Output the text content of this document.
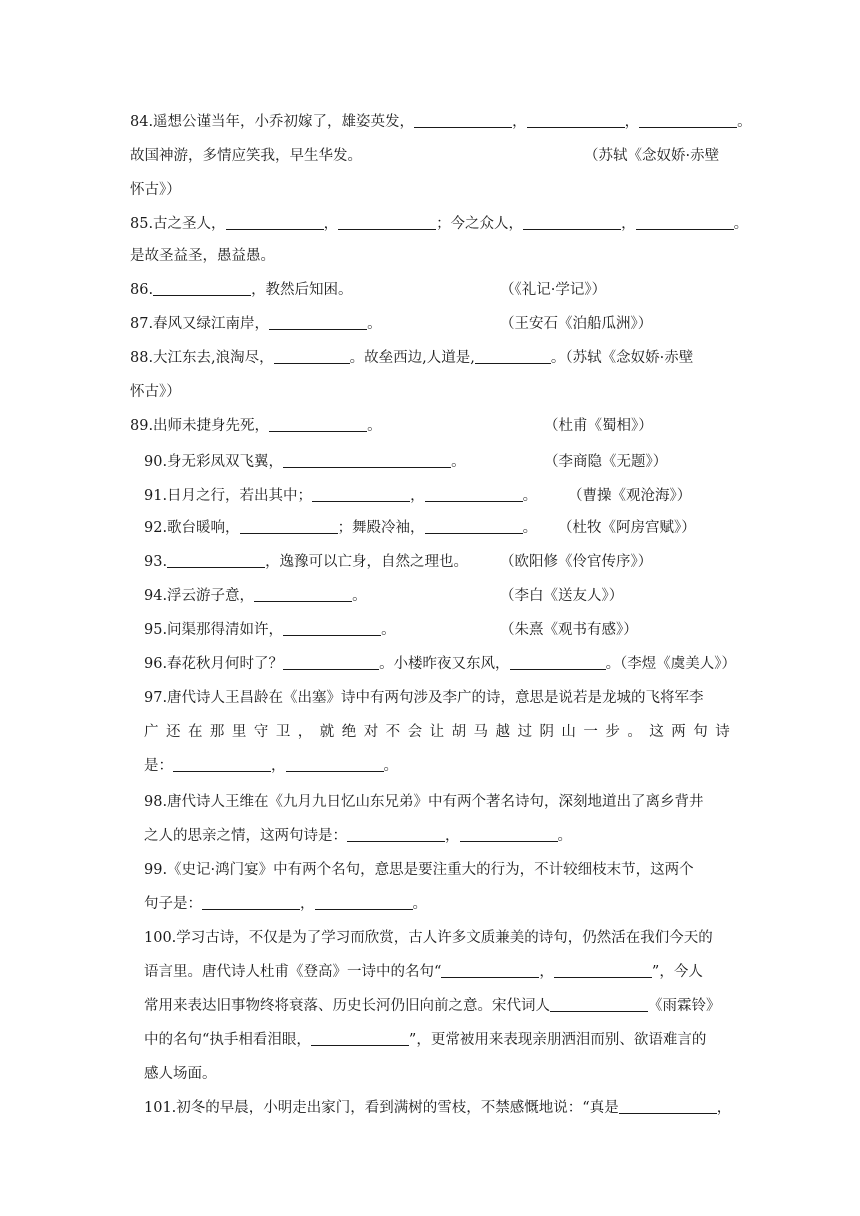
84.遥想公谨当年，小乔初嫁了，雄姿英发，	，	，	。
故国神游，多情应笑我，早生华发。	（苏轼《念奴娇·赤壁
怀古》）
85.古之圣人，	，	；今之众人，	，	。
是故圣益圣，愚益愚。
86.	，教然后知困。	（《礼记·学记》）
87.春风又绿江南岸，	。	（王安石《泊船瓜洲》）
88.大江东去,浪淘尽，	。故垒西边,人道是,	。（苏轼《念奴娇·赤壁
怀古》）
89.出师未捷身先死，	。	（杜甫《蜀相》）
90.身无彩凤双飞翼，	。	（李商隐《无题》）
91.日月之行，若出其中；	，	。 （曹操《观沧海》）
92.歌台暖响，	；舞殿冷袖，	。 （杜牧《阿房宫赋》）
93.	，逸豫可以亡身，自然之理也。 （欧阳修《伶官传序》）
94.浮云游子意，	。	（李白《送友人》）
95.问渠那得清如许，	。	（朱熹《观书有感》）
96.春花秋月何时了？	。小楼昨夜又东风，	。（李煜《虞美人》）
97.唐代诗人王昌龄在《出塞》诗中有两句涉及李广的诗，意思是说若是龙城的飞将军李
广 还 在 那 里 守 卫 ， 就 绝 对 不 会 让 胡 马 越 过 阴 山 一 步 。 这 两 句 诗
是：	，	。
98.唐代诗人王维在《九月九日忆山东兄弟》中有两个著名诗句，深刻地道出了离乡背井
之人的思亲之情，这两句诗是：	，	。
99.《史记·鸿门宴》中有两个名句，意思是要注重大的行为，不计较细枝末节，这两个
句子是：	，	。
100.学习古诗，不仅是为了学习而欣赏，古人许多文质兼美的诗句，仍然活在我们今天的
语言里。唐代诗人杜甫《登高》一诗中的名句“	，	”，今人
常用来表达旧事物终将衰落、历史长河仍旧向前之意。宋代词人	《雨霖铃》
中的名句“执手相看泪眼，	”，更常被用来表现亲朋洒泪而别、欲语难言的
感人场面。
101.初冬的早晨，小明走出家门，看到满树的雪枝，不禁感慨地说：“真是	，
